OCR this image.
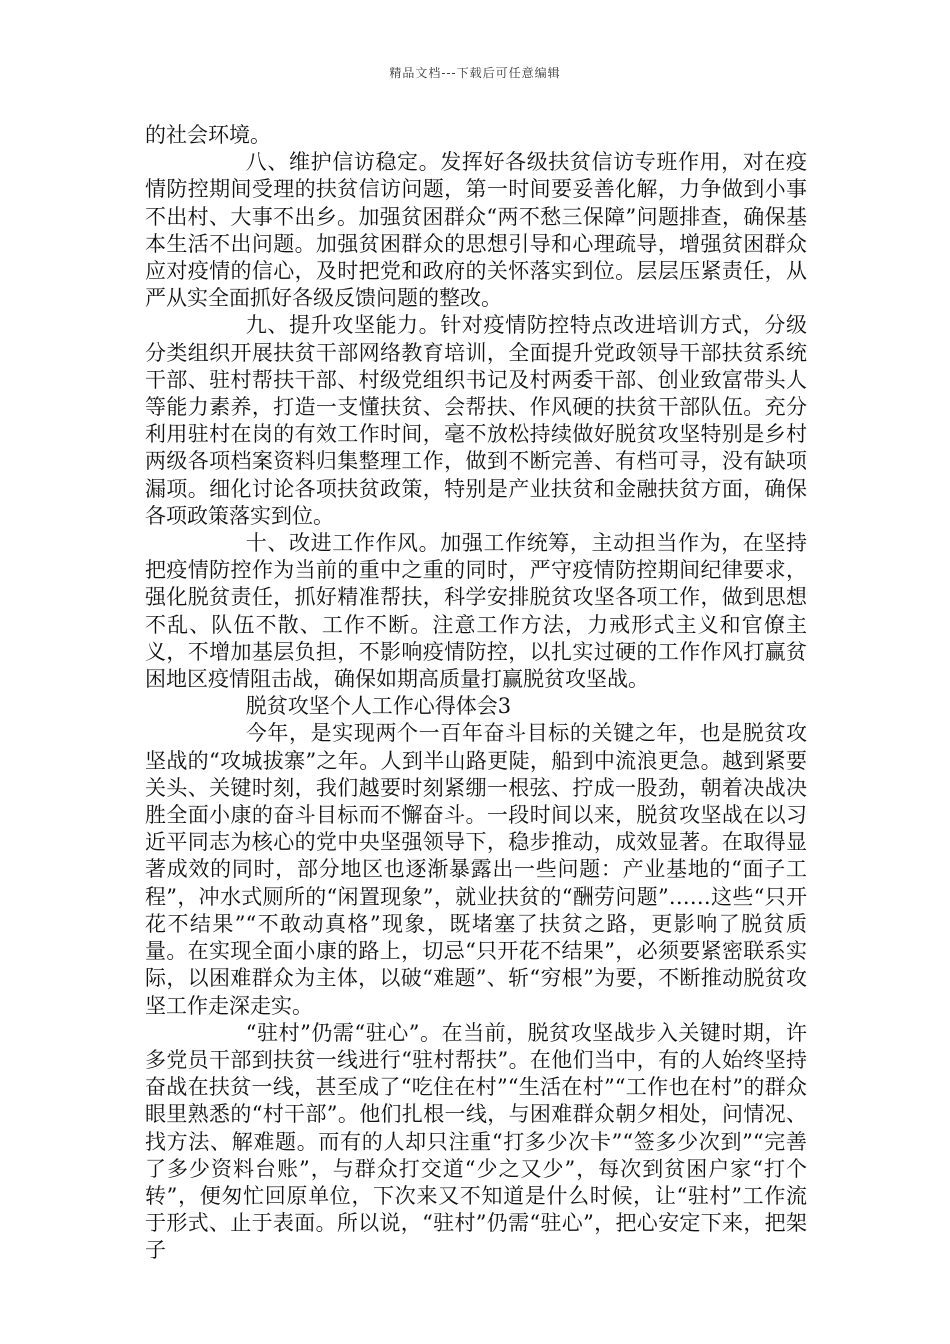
精品文档---下载后可任意编辑

的社会环境。

八、维护信访稳定。发挥好各级扶贫信访专班作用，对在疫情防控期间受理的扶贫信访问题，第一时间要妥善化解，力争做到小事不出村、大事不出乡。加强贫困群众“两不愁三保障”问题排查，确保基本生活不出问题。加强贫困群众的思想引导和心理疏导，增强贫困群众应对疫情的信心，及时把党和政府的关怀落实到位。层层压紧责任，从严从实全面抓好各级反馈问题的整改。

九、提升攻坚能力。针对疫情防控特点改进培训方式，分级分类组织开展扶贫干部网络教育培训，全面提升党政领导干部扶贫系统干部、驻村帮扶干部、村级党组织书记及村两委干部、创业致富带头人等能力素养，打造一支懂扶贫、会帮扶、作风硬的扶贫干部队伍。充分利用驻村在岗的有效工作时间，毫不放松持续做好脱贫攻坚特别是乡村两级各项档案资料归集整理工作，做到不断完善、有档可寻，没有缺项漏项。细化讨论各项扶贫政策，特别是产业扶贫和金融扶贫方面，确保各项政策落实到位。

十、改进工作作风。加强工作统筹，主动担当作为，在坚持把疫情防控作为当前的重中之重的同时，严守疫情防控期间纪律要求，强化脱贫责任，抓好精准帮扶，科学安排脱贫攻坚各项工作，做到思想不乱、队伍不散、工作不断。注意工作方法，力戒形式主义和官僚主义，不增加基层负担，不影响疫情防控，以扎实过硬的工作作风打赢贫困地区疫情阻击战，确保如期高质量打赢脱贫攻坚战。

脱贫攻坚个人工作心得体会3

今年，是实现两个一百年奋斗目标的关键之年，也是脱贫攻坚战的“攻城拔寨”之年。人到半山路更陡，船到中流浪更急。越到紧要关头、关键时刻，我们越要时刻紧绷一根弦、拧成一股劲，朝着决战决胜全面小康的奋斗目标而不懈奋斗。一段时间以来，脱贫攻坚战在以习近平同志为核心的党中央坚强领导下，稳步推动，成效显著。在取得显著成效的同时，部分地区也逐渐暴露出一些问题：产业基地的“面子工程”，冲水式厕所的“闲置现象”，就业扶贫的“酬劳问题”……这些“只开花不结果”“不敢动真格”现象，既堵塞了扶贫之路，更影响了脱贫质量。在实现全面小康的路上，切忌“只开花不结果”，必须要紧密联系实际，以困难群众为主体，以破“难题”、斩“穷根”为要，不断推动脱贫攻坚工作走深走实。

“驻村”仍需“驻心”。在当前，脱贫攻坚战步入关键时期，许多党员干部到扶贫一线进行“驻村帮扶”。在他们当中，有的人始终坚持奋战在扶贫一线，甚至成了“吃住在村”“生活在村”“工作也在村”的群众眼里熟悉的“村干部”。他们扎根一线，与困难群众朝夕相处，问情况、找方法、解难题。而有的人却只注重“打多少次卡”“签多少次到”“完善了多少资料台账”，与群众打交道“少之又少”，每次到贫困户家“打个转”，便匆忙回原单位，下次来又不知道是什么时候，让“驻村”工作流于形式、止于表面。所以说，“驻村”仍需“驻心”，把心安定下来，把架子
